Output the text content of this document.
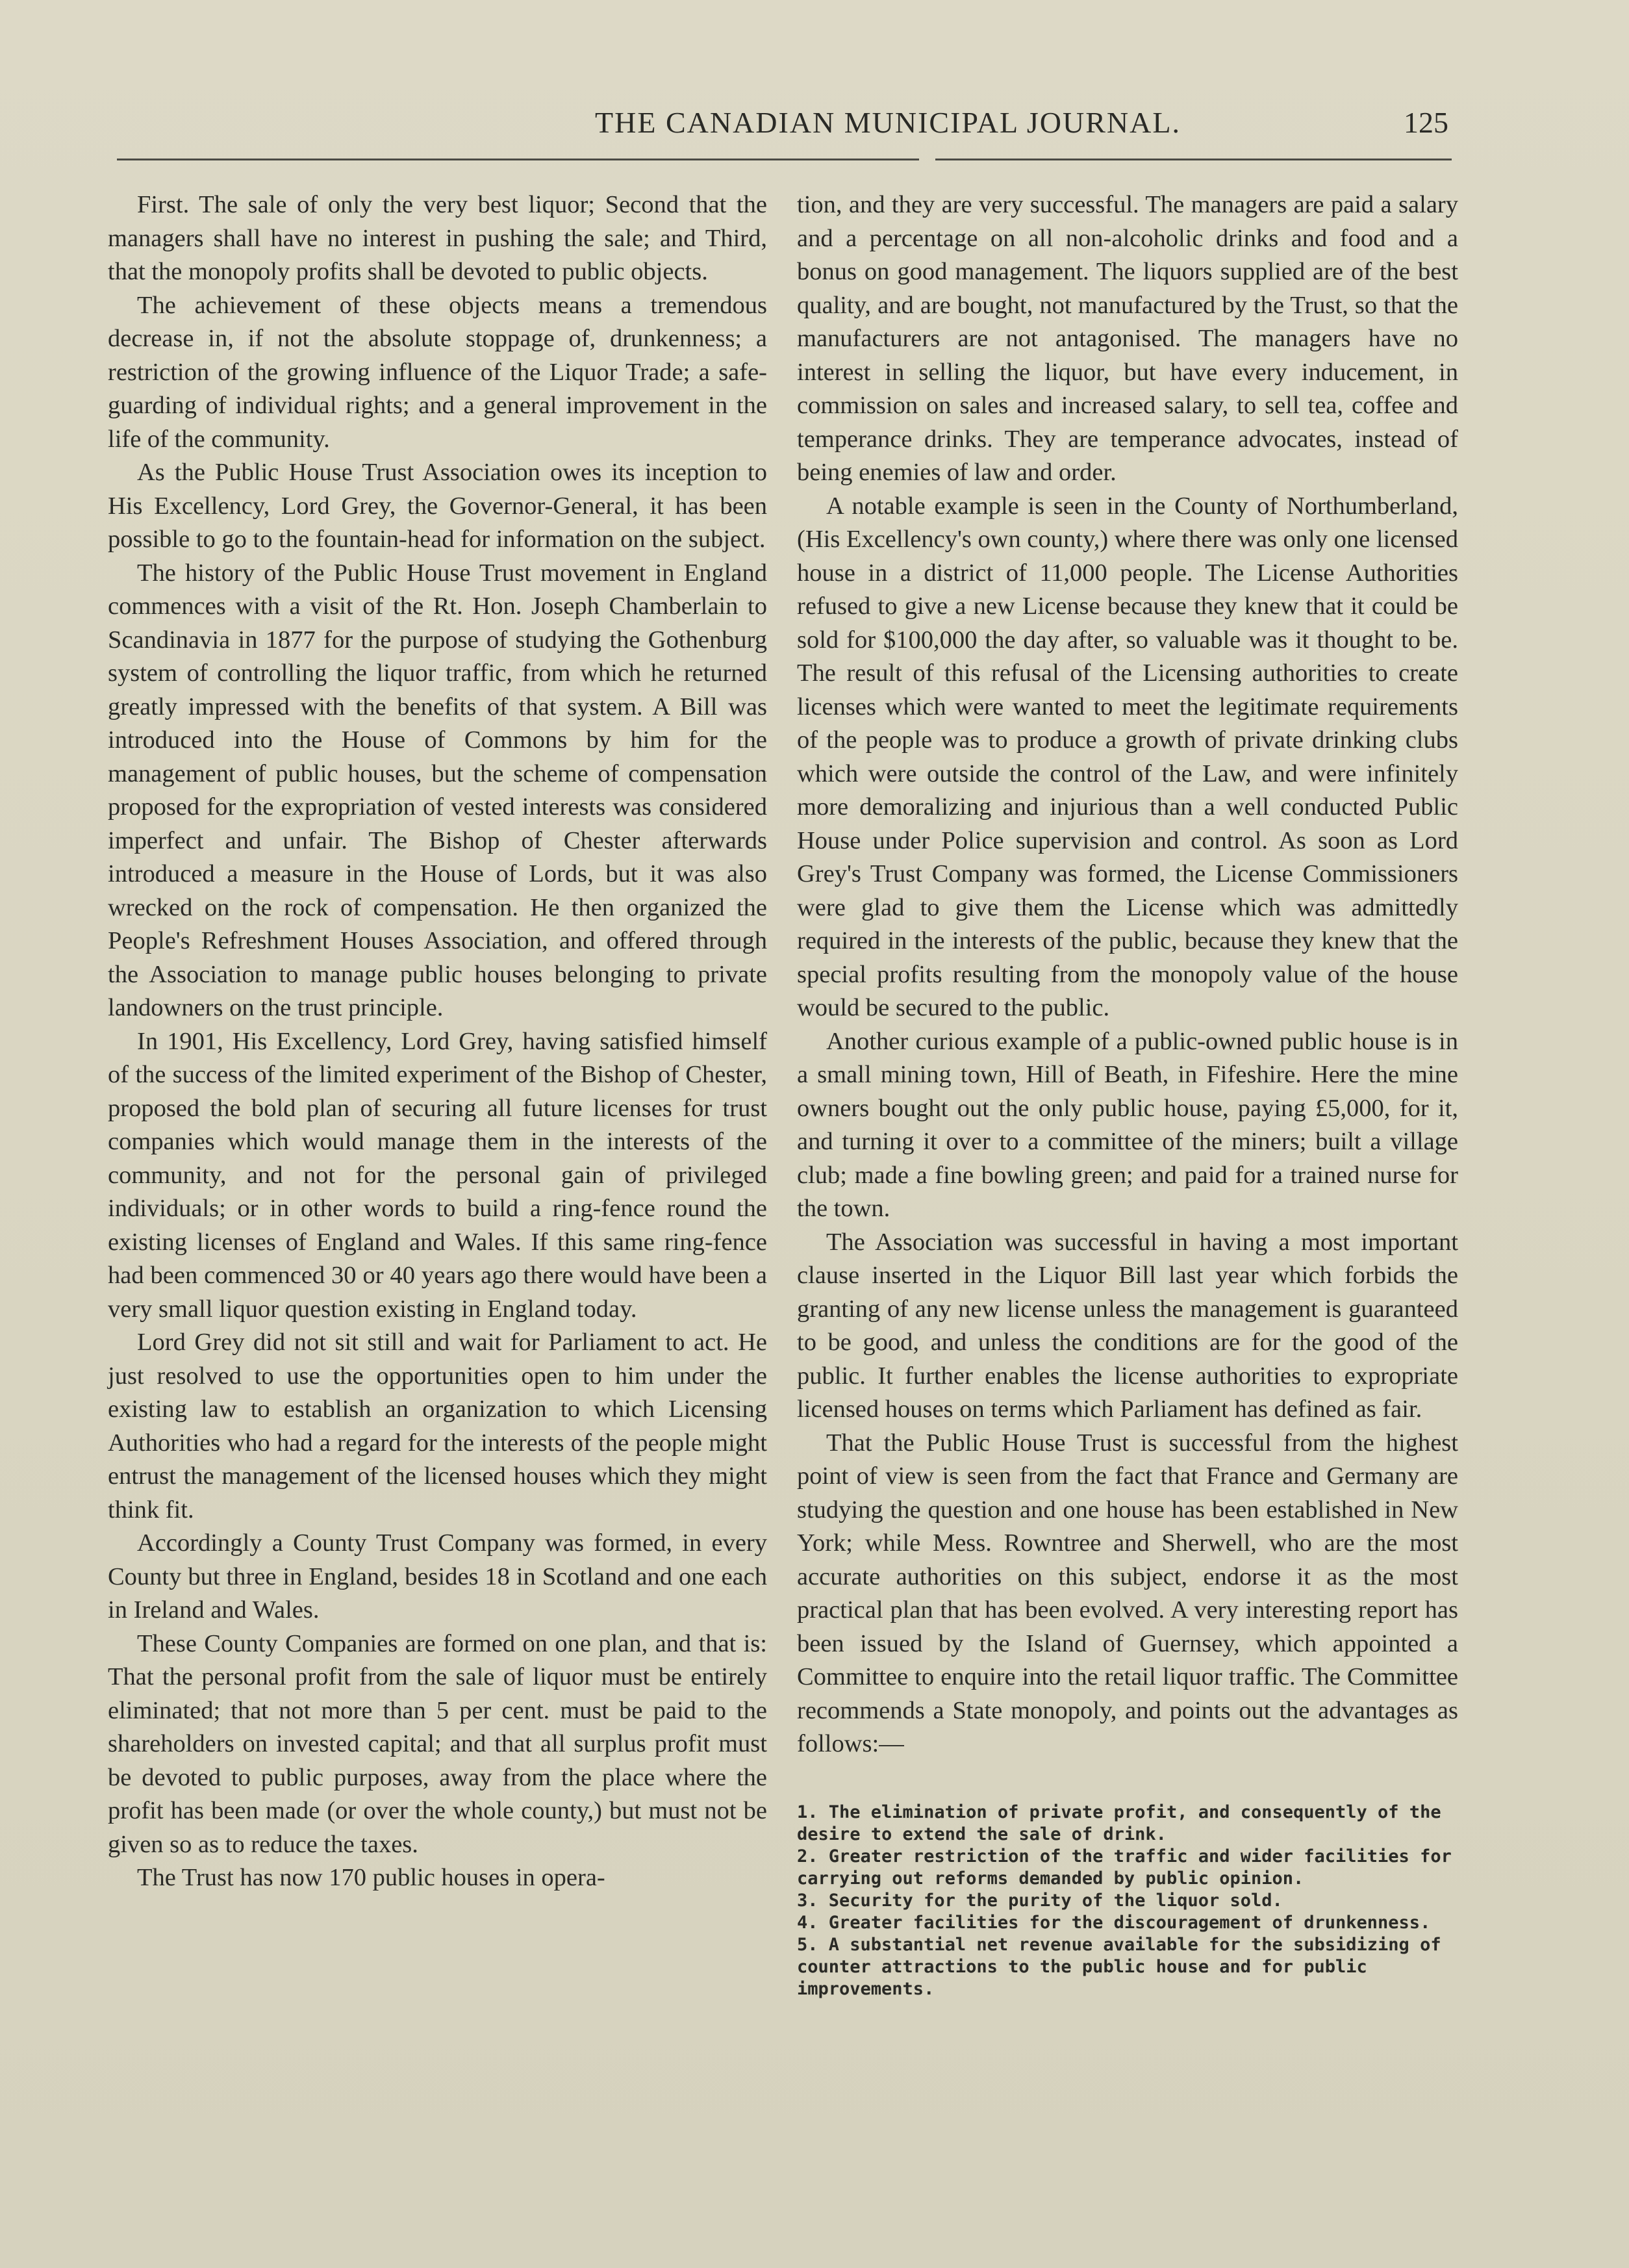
THE CANADIAN MUNICIPAL JOURNAL.	125

First. The sale of only the very best liquor; Second that the managers shall have no interest in pushing the sale; and Third, that the monopoly profits shall be devoted to public objects.

The achievement of these objects means a tremendous decrease in, if not the absolute stoppage of, drunkenness; a restriction of the growing influence of the Liquor Trade; a safe-guarding of individual rights; and a general improvement in the life of the community.

As the Public House Trust Association owes its inception to His Excellency, Lord Grey, the Governor-General, it has been possible to go to the fountain-head for information on the subject.

The history of the Public House Trust movement in England commences with a visit of the Rt. Hon. Joseph Chamberlain to Scandinavia in 1877 for the purpose of studying the Gothenburg system of controlling the liquor traffic, from which he returned greatly impressed with the benefits of that system. A Bill was introduced into the House of Commons by him for the management of public houses, but the scheme of compensation proposed for the expropriation of vested interests was considered imperfect and unfair. The Bishop of Chester afterwards introduced a measure in the House of Lords, but it was also wrecked on the rock of compensation. He then organized the People's Refreshment Houses Association, and offered through the Association to manage public houses belonging to private landowners on the trust principle.

In 1901, His Excellency, Lord Grey, having satisfied himself of the success of the limited experiment of the Bishop of Chester, proposed the bold plan of securing all future licenses for trust companies which would manage them in the interests of the community, and not for the personal gain of privileged individuals; or in other words to build a ring-fence round the existing licenses of England and Wales. If this same ring-fence had been commenced 30 or 40 years ago there would have been a very small liquor question existing in England today.

Lord Grey did not sit still and wait for Parliament to act. He just resolved to use the opportunities open to him under the existing law to establish an organization to which Licensing Authorities who had a regard for the interests of the people might entrust the management of the licensed houses which they might think fit.

Accordingly a County Trust Company was formed, in every County but three in England, besides 18 in Scotland and one each in Ireland and Wales.

These County Companies are formed on one plan, and that is: That the personal profit from the sale of liquor must be entirely eliminated; that not more than 5 per cent. must be paid to the shareholders on invested capital; and that all surplus profit must be devoted to public purposes, away from the place where the profit has been made (or over the whole county,) but must not be given so as to reduce the taxes.

The Trust has now 170 public houses in opera-

tion, and they are very successful. The managers are paid a salary and a percentage on all non-alcoholic drinks and food and a bonus on good management. The liquors supplied are of the best quality, and are bought, not manufactured by the Trust, so that the manufacturers are not antagonised. The managers have no interest in selling the liquor, but have every inducement, in commission on sales and increased salary, to sell tea, coffee and temperance drinks. They are temperance advocates, instead of being enemies of law and order.

A notable example is seen in the County of Northumberland, (His Excellency's own county,) where there was only one licensed house in a district of 11,000 people. The License Authorities refused to give a new License because they knew that it could be sold for $100,000 the day after, so valuable was it thought to be. The result of this refusal of the Licensing authorities to create licenses which were wanted to meet the legitimate requirements of the people was to produce a growth of private drinking clubs which were outside the control of the Law, and were infinitely more demoralizing and injurious than a well conducted Public House under Police supervision and control. As soon as Lord Grey's Trust Company was formed, the License Commissioners were glad to give them the License which was admittedly required in the interests of the public, because they knew that the special profits resulting from the monopoly value of the house would be secured to the public.

Another curious example of a public-owned public house is in a small mining town, Hill of Beath, in Fifeshire. Here the mine owners bought out the only public house, paying £5,000, for it, and turning it over to a committee of the miners; built a village club; made a fine bowling green; and paid for a trained nurse for the town.

The Association was successful in having a most important clause inserted in the Liquor Bill last year which forbids the granting of any new license unless the management is guaranteed to be good, and unless the conditions are for the good of the public. It further enables the license authorities to expropriate licensed houses on terms which Parliament has defined as fair.

That the Public House Trust is successful from the highest point of view is seen from the fact that France and Germany are studying the question and one house has been established in New York; while Mess. Rowntree and Sherwell, who are the most accurate authorities on this subject, endorse it as the most practical plan that has been evolved. A very interesting report has been issued by the Island of Guernsey, which appointed a Committee to enquire into the retail liquor traffic. The Committee recommends a State monopoly, and points out the advantages as follows:—

1. The elimination of private profit, and consequently of the desire to extend the sale of drink.
2. Greater restriction of the traffic and wider facilities for carrying out reforms demanded by public opinion.
3. Security for the purity of the liquor sold.
4. Greater facilities for the discouragement of drunkenness.
5. A substantial net revenue available for the subsidizing of counter attractions to the public house and for public improvements.
